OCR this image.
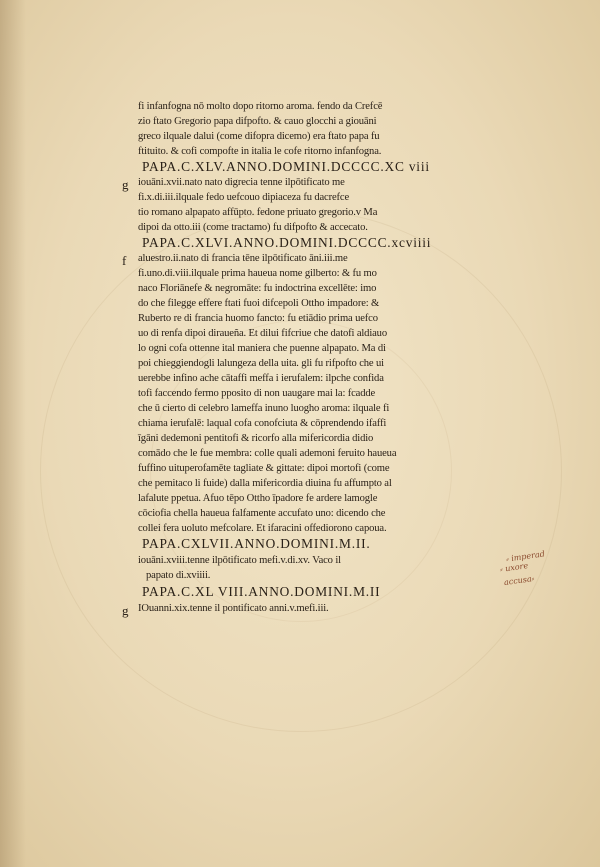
fi infanfogna nō molto dopo ritorno aroma. fendo da Crefcē
zio ftato Gregorio papa difpofto. & cauo glocchi a giouāni
greco ilquale dalui (come difopra dicemo) era ftato papa fu
ftituito. & cofi compofte in italia le cofe ritorno infanfogna.
PAPA.C.XLV.ANNO.DOMINI.DCCCC.XC viii
g iouāni.xvii.nato nato digrecia tenne ilpōtificato me
fi.x.di.iii.ilquale fedo uefcouo dipiaceza fu dacrefce
tio romano alpapato affūpto. fedone priuato gregorio.v Ma
dipoi da otto.iii (come tractamo) fu difpofto & accecato.
PAPA.C.XLVI.ANNO.DOMINI.DCCCC.xcviiii
f aluestro.ii.nato di francia tēne ilpōtificato āni.iii.me
fi.uno.di.viii.ilquale prima haueua nome gilberto: & fu mo
naco Floriānefe & negromāte: fu indoctrina excellēte: imo
do che filegge effere ftati fuoi difcepoli Ottho impadore: &
Ruberto re di francia huomo fancto: fu etiādio prima uefco
uo di renfa dipoi diraueña. Et dilui fifcriue che datofi aldiauo
lo ogni cofa ottenne ital maniera che puenne alpapato. Ma di
poi chieggiendogli lalungeza della uita. gli fu rifpofto che ui
uerebbe infino ache cātaffi meffa i ierufalem: ilpche confida
tofi faccendo fermo pposito di non uaugare mai la: fcadde
che ū cierto di celebro lameffa inuno luogho aroma: ilquale fi
chiama ierufalē: laqual cofa conofciuta & cōprendendo ifaffi
īgāni dedemoni pentitofi & ricorfo alla mifericordia didio
comādo che le fue membra: colle quali ademoni feruito haueua
fuffino uituperofamēte tagliate & gittate: dipoi mortofi (come
che pemitaco li fuide) dalla mifericordia diuina fu affumpto al
lafalute ppetua. Afuo tēpo Ottho īpadore fe ardere lamogle
cōciofia chella haueua falfamente accufato uno: dicendo che
collei fera uoluto mefcolare. Et ifaracini offediorono capoua.
PAPA.CXLVII.ANNO.DOMINI.M.II.
iouāni.xviii.tenne ilpōtificato mefi.v.di.xv. Vaco il
papato di.xviiii.
PAPA.C.XL VIII.ANNO.DOMINI.M.II
g IOuanni.xix.tenne il pontificato anni.v.mefi.iii.
⸗ imperad
⸗ uxore
accusa⸗
